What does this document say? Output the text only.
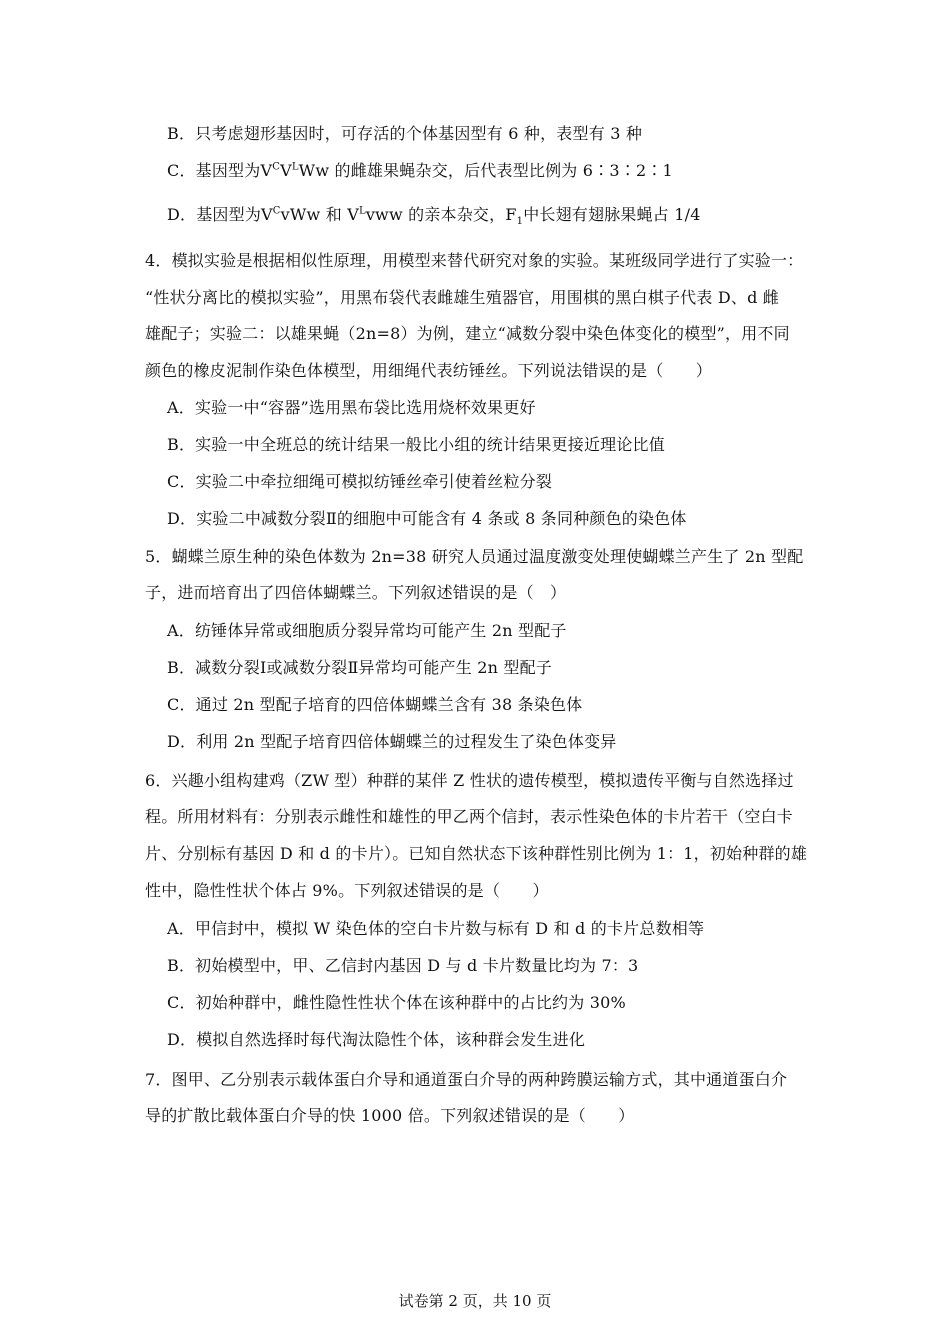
B．只考虑翅形基因时，可存活的个体基因型有 6 种，表型有 3 种
C．基因型为$V^CV^LWw$ 的雌雄果蝇杂交，后代表型比例为 6∶3∶2∶1
D．基因型为$V^CvWw$ 和 $V^Lvww$ 的亲本杂交，$F_1$中长翅有翅脉果蝇占 1/4
4．模拟实验是根据相似性原理，用模型来替代研究对象的实验。某班级同学进行了实验一：
“性状分离比的模拟实验”，用黑布袋代表雌雄生殖器官，用围棋的黑白棋子代表 D、d 雌
雄配子；实验二：以雄果蝇（2n=8）为例，建立“减数分裂中染色体变化的模型”，用不同
颜色的橡皮泥制作染色体模型，用细绳代表纺锤丝。下列说法错误的是（　　）
A．实验一中“容器”选用黑布袋比选用烧杯效果更好
B．实验一中全班总的统计结果一般比小组的统计结果更接近理论比值
C．实验二中牵拉细绳可模拟纺锤丝牵引使着丝粒分裂
D．实验二中减数分裂Ⅱ的细胞中可能含有 4 条或 8 条同种颜色的染色体
5．蝴蝶兰原生种的染色体数为 2n=38 研究人员通过温度激变处理使蝴蝶兰产生了 2n 型配
子，进而培育出了四倍体蝴蝶兰。下列叙述错误的是（　）
A．纺锤体异常或细胞质分裂异常均可能产生 2n 型配子
B．减数分裂Ⅰ或减数分裂Ⅱ异常均可能产生 2n 型配子
C．通过 2n 型配子培育的四倍体蝴蝶兰含有 38 条染色体
D．利用 2n 型配子培育四倍体蝴蝶兰的过程发生了染色体变异
6．兴趣小组构建鸡（ZW 型）种群的某伴 Z 性状的遗传模型，模拟遗传平衡与自然选择过
程。所用材料有：分别表示雌性和雄性的甲乙两个信封，表示性染色体的卡片若干（空白卡
片、分别标有基因 D 和 d 的卡片）。已知自然状态下该种群性别比例为 1：1，初始种群的雄
性中，隐性性状个体占 9%。下列叙述错误的是（　　）
A．甲信封中，模拟 W 染色体的空白卡片数与标有 D 和 d 的卡片总数相等
B．初始模型中，甲、乙信封内基因 D 与 d 卡片数量比均为 7：3
C．初始种群中，雌性隐性性状个体在该种群中的占比约为 30%
D．模拟自然选择时每代淘汰隐性个体，该种群会发生进化
7．图甲、乙分别表示载体蛋白介导和通道蛋白介导的两种跨膜运输方式，其中通道蛋白介
导的扩散比载体蛋白介导的快 1000 倍。下列叙述错误的是（　　）
试卷第 2 页，共 10 页
